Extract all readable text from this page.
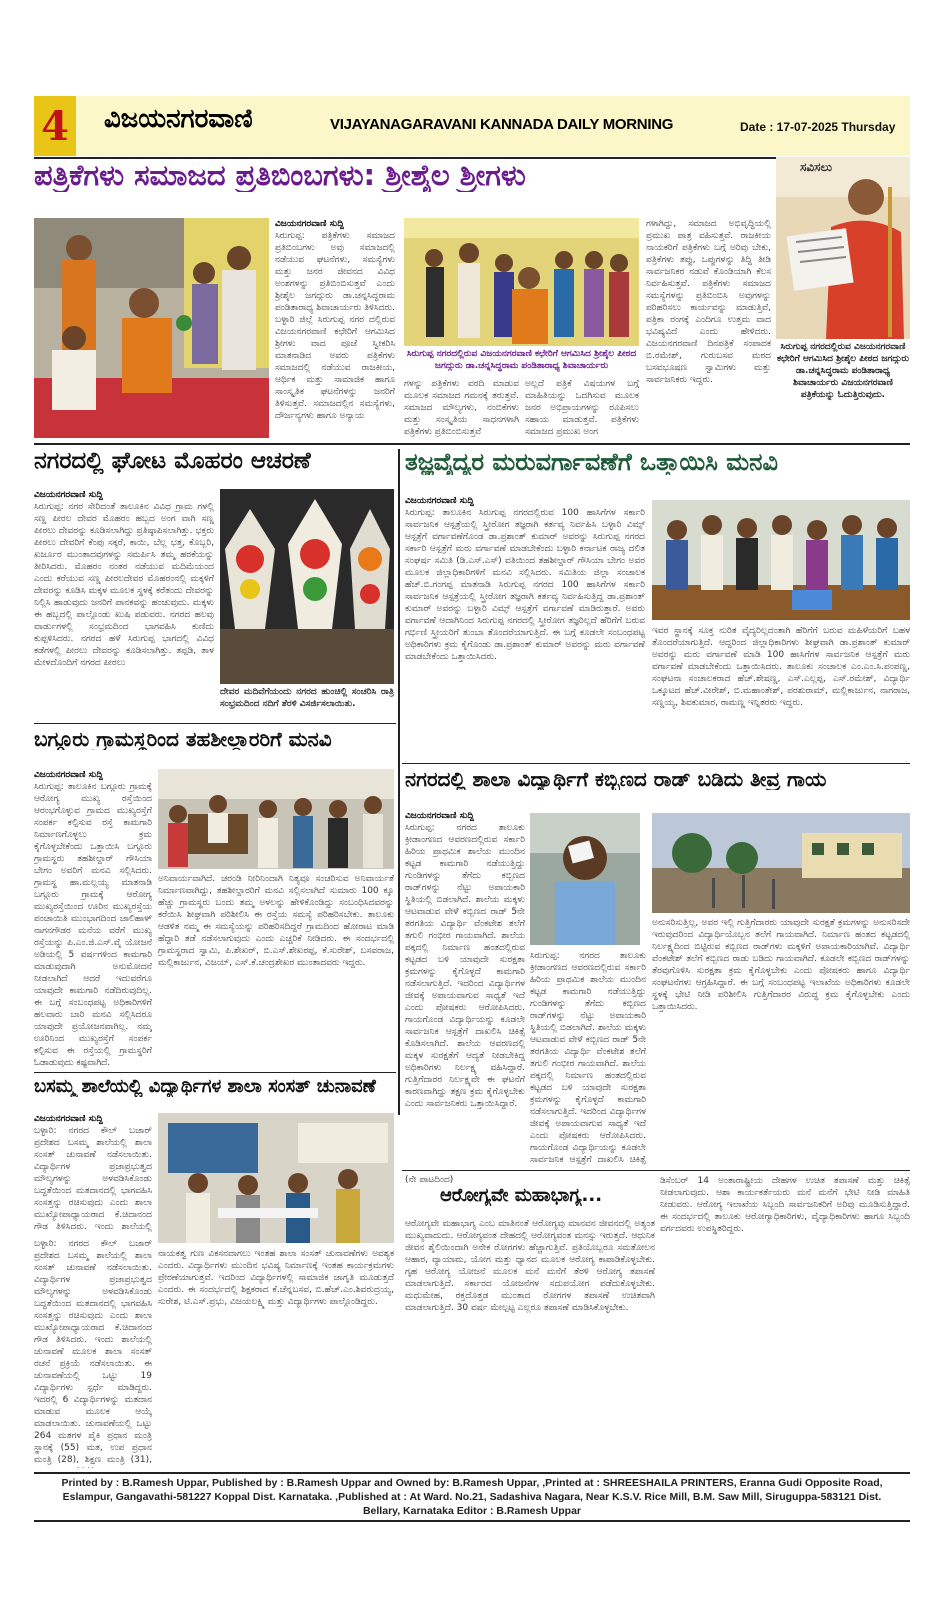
4 ವಿಜಯನಗರವಾಣಿ	VIJAYANAGARAVANI KANNADA DAILY MORNING	Date : 17-07-2025 Thursday
ಪತ್ರಿಕೆಗಳು ಸಮಾಜದ ಪ್ರತಿಬಿಂಬಗಳು: ಶ್ರೀಶೈಲ ಶ್ರೀಗಳು
ವಿಜಯನಗರವಾಣಿ ಸುದ್ದಿ
ಸಿರುಗುಪ್ಪ: ಪತ್ರಿಕೆಗಳು ಸಮಾಜದ ಪ್ರತಿಬಿಂಬಗಳು ಅವು ಸಮಾಜದಲ್ಲಿ ನಡೆಯುವ ಘಟನೆಗಳು, ಸಮಸ್ಯೆಗಳು ಮತ್ತು ಜನರ ಜೀವನದ ವಿವಿಧ ಅಂಶಗಳನ್ನು ಪ್ರತಿಬಿಂಬಿಸುತ್ತವೆ ಎಂದು ಶ್ರೀಶೈಲ ಜಗದ್ಗುರು ಡಾ.ಚನ್ನಸಿದ್ಧರಾಮ ಪಂಡಿತಾರಾಧ್ಯ ಶಿವಾಚಾರ್ಯರು ತಿಳಿಸಿದರು. ಬಳ್ಳಾರಿ ಜಿಲ್ಲೆ ಸಿರುಗುಪ್ಪ ನಗರ ದಲ್ಲಿರುವ ವಿಜಯನಗರವಾಣಿ ಕಛೇರಿಗೆ ಆಗಮಿಸಿದ ಶ್ರೀಗಳು ವಾದ ಪೂಜೆ ಸ್ವೀಕರಿಸಿ ಮಾತನಾಡಿದ ಅವರು ಪತ್ರಿಕೆಗಳು ಸಮಾಜದಲ್ಲಿ ನಡೆಯುವ ರಾಜಕೀಯ, ಆರ್ಥಿಕ ಮತ್ತು ಸಾಮಾಜಿಕ ಹಾಗೂ ಸಾಂಸ್ಕೃತಿಕ ಘಟನೆಗಳನ್ನು ಜನರಿಗೆ ತಿಳಿಸುತ್ತವೆ. ಸಮಾಜದಲ್ಲಿನ ಸಮಸ್ಯೆಗಳು, ದೌರ್ಜನ್ಯಗಳು ಹಾಗೂ ಅನ್ಯಾಯ
ಸಿರುಗುಪ್ಪ ನಗರದಲ್ಲಿರುವ ವಿಜಯನಗರವಾಣಿ ಕಛೇರಿಗೆ ಆಗಮಿಸಿದ ಶ್ರೀಶೈಲ ಪೀಠದ ಜಗದ್ಗುರು ಡಾ.ಚನ್ನಸಿದ್ಧರಾಮ ಪಂಡಿತಾರಾಧ್ಯ ಶಿವಾಚಾರ್ಯರು
ಗಳನ್ನು ಪತ್ರಿಕೆಗಳು ವರದಿ ಮಾಡುವ ಮೂಲಕ ಸಮಾಜದ ಗಮನಕ್ಕೆ ತರುತ್ತವೆ. ಸಮಾಜದ ಮೌಲ್ಯಗಳು, ನಂಬಿಕೆಗಳು ಮತ್ತು ಸಂಸ್ಕೃತಿಯ ಸಾಧನಗಳಾಗಿ ಪತ್ರಿಕೆಗಳು ಪ್ರತಿಬಿಂಬಿಸುತ್ತವೆ
ಅಲ್ಲದೆ ಪತ್ರಿಕೆ ವಿಷಯಗಳ ಬಗ್ಗೆ ಮಾಹಿತಿಯನ್ನು ಒದಗಿಸುವ ಮೂಲಕ ಜನರ ಅಭಿಪ್ರಾಯಗಳನ್ನು ರೂಪಿಸಲು ಸಹಾಯ ಮಾಡುತ್ತವೆ. ಪತ್ರಿಕೆಗಳು ಸಮಾಜದ ಪ್ರಮುಖ ಅಂಗ
ಗಳಾಗಿದ್ದು, ಸಮಾಜದ ಅಭಿವೃದ್ಧಿಯಲ್ಲಿ ಪ್ರಮುಖ ಪಾತ್ರ ವಹಿಸುತ್ತವೆ. ರಾಜಕೀಯ ನಾಯಕರಿಗೆ ಪತ್ರಿಕೆಗಳು ಬಗ್ಗೆ ಅರಿವು ಬೇಕು, ಪತ್ರಿಕೆಗಳು ತಪ್ಪು, ಒಪ್ಪುಗಳನ್ನು ತಿದ್ದಿ ತೀಡಿ ಸಾರ್ವಜನಿಕರ ನಡುವೆ ಕೊಂಡಿಯಾಗಿ ಕೆಲಸ ನಿರ್ವಹಿಸುತ್ತವೆ. ಪತ್ರಿಕೆಗಳು ಸಮಾಜದ ಸಮಸ್ಯೆಗಳನ್ನು ಪ್ರತಿಬಿಂಬಿಸಿ ಅವುಗಳನ್ನು ಪರಿಹರಿಸಲು ಕಾರ್ಯವನ್ನು ಮಾಡುತ್ತಿವೆ, ಪತ್ರಿಕಾ ರಂಗಕ್ಕೆ ಎಂದಿಗೂ ಉತ್ತಮ ವಾದ ಭವಿಷ್ಯವಿದೆ ಎಂದು ಹೇಳಿದರು. ವಿಜಯನಗರವಾಣಿ ದಿನಪತ್ರಿಕೆ ಸಂಪಾದಕ ಬಿ.ರಮೇಶ್, ಗುರುಬಸವ ಮಠದ ಬಸವಭೂಷಣ ಸ್ವಾಮಿಗಳು ಮತ್ತು ಸಾರ್ವಜನಿಕರು ಇದ್ದರು.
ಸವಿಸಲು
ಸಿರುಗುಪ್ಪ ನಗರದಲ್ಲಿರುವ ವಿಜಯನಗರವಾಣಿ ಕಛೇರಿಗೆ ಆಗಮಿಸಿದ ಶ್ರೀಶೈಲ ಪೀಠದ ಜಗದ್ಗುರು ಡಾ.ಚನ್ನಸಿದ್ಧರಾಮ ಪಂಡಿತಾರಾಧ್ಯ ಶಿವಾಚಾರ್ಯರು ವಿಜಯನಗರವಾಣಿ ಪತ್ರಿಕೆಯನ್ನು ಓದುತ್ತಿರುವುದು.
ನಗರದಲ್ಲಿ ಘೋಟ ಮೊಹರಂ ಆಚರಣೆ
ವಿಜಯನಗರವಾಣಿ ಸುದ್ದಿ
ಸಿರುಗುಪ್ಪ: ನಗರ ಸೇರಿದಂತೆ ತಾಲೂಕಿನ ವಿವಿಧ ಗ್ರಾಮ ಗಳಲ್ಲಿ ಸಣ್ಣ ಪೀರಲ ದೇವರ ಮೊಹರಂ ಹಬ್ಬದ ಅಂಗ ವಾಗಿ ಸಣ್ಣ ಪೀರಲು ದೇವರನ್ನು ಕೂಡಿಸಲಾಗಿದ್ದು ಪ್ರತಿಷ್ಠಾಪಿಸಲಾಗಿತ್ತು. ಭಕ್ತರು ಪೀರಲು ದೇವರಿಗೆ ಕೆಂಪು ಸಕ್ಕರೆ, ಕಾಯಿ, ಬೆಲ್ಲ ಭತ್ತ, ಕೊಬ್ಬರಿ, ಖರ್ಜೂರ ಮುಂತಾದವುಗಳನ್ನು ಸಮರ್ಪಿಸಿ ತಮ್ಮ ಹರಕೆಯನ್ನು ತೀರಿಸಿದರು. ಮೊಹರಂ ನಂತರ ನಡೆಯುವ ಮದಿಮೆಯಂದ ಎಂದು ಕರೆಯುವ ಸಣ್ಣ ಪೀರಲದೇವರ ಮೊಹರಂನಲ್ಲಿ ಮಕ್ಕಳಿಗೆ ದೇವರನ್ನು ಕೂಡಿಸಿ ಮಕ್ಕಳ ಮೂಲಕ ಸ್ಥಳಕ್ಕೆ ಕರೆತಂದು ದೇವರನ್ನು ನಿಲ್ಲಿಸಿ ಹಾಡುವುದು ಜನರಿಗೆ ಪಾನಕವನ್ನು ಹಂಚುವುದು. ಮಕ್ಕಳು ಈ ಹಬ್ಬದಲ್ಲಿ ಪಾಲ್ಗೊಂಡು ಖುಷಿ ಪಡುವರು. ನಗರದ ಹಲವು ವಾರ್ಡುಗಳಲ್ಲಿ ಸಂಭ್ರಮದಿಂದ ಭಾಗವಹಿಸಿ ಕುಣಿದು ಕುಪ್ಪಳಿಸಿದರು. ನಗರದ ಹಳೆ ಸಿರುಗುಪ್ಪ ಭಾಗದಲ್ಲಿ ವಿವಿಧ ಕಡೆಗಳಲ್ಲಿ ಪೀರಲು ದೇವರನ್ನು ಕೂಡಿಸಲಾಗಿತ್ತು. ತಪ್ಪಡಿ, ತಾಳ ಮೇಳದೊಂದಿಗೆ ನಗರದ ಪೀರಲು
ದೇವರ ಮದಿವೆಗೆಯಂದು ನಗರದ ಹುಂಚಿಲ್ಲಿ ಸಂಚರಿಸಿ ರಾತ್ರಿ ಸಂಭ್ರಮದಿಂದ ನದಿಗೆ ತೆರಳಿ ವಿಸರ್ಜಿಸಲಾಯಿತು.
ತಜ್ಞವೈದ್ಯರ ಮರುವರ್ಗಾವಣೆಗೆ ಒತ್ತಾಯಿಸಿ ಮನವಿ
ವಿಜಯನಗರವಾಣಿ ಸುದ್ದಿ
ಸಿರುಗುಪ್ಪ: ತಾಲೂಕಿನ ಸಿರುಗುಪ್ಪ ನಗರದಲ್ಲಿರುವ 100 ಹಾಸಿಗೆಗಳ ಸರ್ಕಾರಿ ಸಾರ್ವಜನಿಕ ಆಸ್ಪತ್ರೆಯಲ್ಲಿ ಸ್ತ್ರೀರೋಗ ತಜ್ಞರಾಗಿ ಕರ್ತವ್ಯ ನಿರ್ವಹಿಸಿ ಬಳ್ಳಾರಿ ವಿಮ್ಸ್ ಆಸ್ಪತ್ರೆಗೆ ವರ್ಗಾವಣೆಗೊಂಡ ಡಾ.ಪ್ರಶಾಂತ್ ಕುಮಾರ್ ಅವರನ್ನು ಸಿರುಗುಪ್ಪ ನಗರದ ಸರ್ಕಾರಿ ಆಸ್ಪತ್ರೆಗೆ ಮರು ವರ್ಗಾವಣೆ ಮಾಡಬೇಕೆಂದು ಬಳ್ಳಾರಿ ಕರ್ನಾಟಕ ರಾಜ್ಯ ದಲಿತ ಸಂಘರ್ಷ ಸಮಿತಿ (ಡಿ.ಎಸ್.ಎಸ್) ವತಿಯಿಂದ ತಹಶೀಲ್ದಾರ್ ಗೌಸಿಯಾ ಬೇಗಂ ಅವರ ಮೂಲಕ ಜಿಲ್ಲಾಧಿಕಾರಿಗಳಿಗೆ ಮನವಿ ಸಲ್ಲಿಸಿದರು. ಸಮಿತಿಯ ಜಿಲ್ಲಾ ಸಂಚಾಲಕ ಹೆಚ್.ಬಿ.ಗಂಗಪ್ಪ ಮಾತನಾಡಿ ಸಿರುಗುಪ್ಪ ನಗರದ 100 ಹಾಸಿಗೆಗಳ ಸರ್ಕಾರಿ ಸಾರ್ವಜನಿಕ ಆಸ್ಪತ್ರೆಯಲ್ಲಿ ಸ್ತ್ರೀರೋಗ ತಜ್ಞರಾಗಿ ಕರ್ತವ್ಯ ನಿರ್ವಹಿಸುತ್ತಿದ್ದ ಡಾ.ಪ್ರಶಾಂತ್ ಕುಮಾರ್ ಅವರನ್ನು ಬಳ್ಳಾರಿ ವಿಮ್ಸ್ ಆಸ್ಪತ್ರೆಗೆ ವರ್ಗಾವಣೆ ಮಾಡಿರುತ್ತಾರೆ. ಅವರು ವರ್ಗಾವಣೆ ಆದಾಗಿನಿಂದ ಸಿರುಗುಪ್ಪ ನಗರದಲ್ಲಿ ಸ್ತ್ರೀರೋಗ ತಜ್ಞರಿಲ್ಲದೆ ಹೆರಿಗೆಗೆ ಬರುವ ಗರ್ಭಿಣಿ ಸ್ತ್ರೀಯರಿಗೆ ತುಂಬಾ ತೊಂದರೆಯಾಗುತ್ತಿದೆ. ಈ ಬಗ್ಗೆ ಕೂಡಲೇ ಸಂಬಂಧಪಟ್ಟ ಅಧಿಕಾರಿಗಳು ಕ್ರಮ ಕೈಗೊಂಡು ಡಾ.ಪ್ರಶಾಂತ್ ಕುಮಾರ್ ಅವರನ್ನು ಮರು ವರ್ಗಾವಣೆ ಮಾಡಬೇಕೆಂದು ಒತ್ತಾಯಿಸಿದರು.
ಇವರ ಸ್ಥಾನಕ್ಕೆ ಸೂಕ್ತ ನುರಿತ ವೈದ್ಯರಿಲ್ಲದಂತಾಗಿ ಹೆರಿಗೆಗೆ ಬರುವ ಮಹಿಳೆಯರಿಗೆ ಬಹಳ ತೊಂದರೆಯಾಗುತ್ತಿದೆ. ಆದ್ದರಿಂದ ಜಿಲ್ಲಾಧಿಕಾರಿಗಳು ಶೀಘ್ರವಾಗಿ ಡಾ.ಪ್ರಶಾಂತ್ ಕುಮಾರ್ ಅವರನ್ನು ಮರು ವರ್ಗಾವಣೆ ಮಾಡಿ 100 ಹಾಸಿಗೆಗಳ ಸಾರ್ವಜನಿಕ ಆಸ್ಪತ್ರೆಗೆ ಮರು ವರ್ಗಾವಣೆ ಮಾಡಬೇಕೆಂದು ಒತ್ತಾಯಿಸಿದರು. ತಾಲೂಕು ಸಂಚಾಲಕ ಎಂ.ಎಂ.ಸಿ.ಪಂಪಣ್ಣ, ಸಂಘಟನಾ ಸಂಚಾಲಕರಾದ ಹೆಚ್.ಶೇಷಣ್ಣ, ಎಸ್.ಎಲ್ಲಪ್ಪ, ಎಸ್.ರಮೇಶ್, ವಿದ್ಯಾರ್ಥಿ ಒಕ್ಕೂಟದ ಹೆಚ್.ವೀರೇಶ್, ಬಿ.ಮಹಾಂತೇಶ್, ಪರಶುರಾಮ್, ಮಲ್ಲಿಕಾರ್ಜುನ, ನಾಗರಾಜ, ಸಣ್ಣಯ್ಯ, ಶಿವಕುಮಾರ, ರಾಮಣ್ಣ ಇನ್ನಿತರರು ಇದ್ದರು.
ಬಗ್ಗೂರು ಗ್ರಾಮಸ್ಥರಿಂದ ತಹಶೀಲ್ದಾರರಿಗೆ ಮನವಿ
ವಿಜಯನಗರವಾಣಿ ಸುದ್ದಿ
ಸಿರುಗುಪ್ಪ: ತಾಲೂಕಿನ ಬಗ್ಗೂರು ಗ್ರಾಮಕ್ಕೆ ಆರೋಗ್ಯ ಮುಖ್ಯ ರಸ್ತೆಯಿಂದ ಆರಂಭಗೊಳ್ಳುವ ಗ್ರಾಮದ ಮುಖ್ಯರಸ್ತೆಗೆ ಸಂಪರ್ಕ ಕಲ್ಪಿಸುವ ರಸ್ತೆ ಕಾಮಗಾರಿ ನಿರ್ಮಾಣಗೊಳ್ಳಲು ಕ್ರಮ ಕೈಗೊಳ್ಳಬೇಕೆಂದು ಒತ್ತಾಯಿಸಿ ಬಗ್ಗೂರು ಗ್ರಾಮಸ್ಥರು ತಹಶೀಲ್ದಾರ್ ಗೌಸಿಯಾ ಬೇಗಂ ಅವರಿಗೆ ಮನವಿ ಸಲ್ಲಿಸಿದರು. ಗ್ರಾಮಸ್ಥ ಹಾ.ಮಲ್ಲಯ್ಯ ಮಾತನಾಡಿ ಬಗ್ಗೂರು ಗ್ರಾಮಕ್ಕೆ ಆರೋಗ್ಯ ಮುಖ್ಯರಸ್ತೆಯಿಂದ ಊರಿನ ಮುಖ್ಯರಸ್ತೆಯ ಪಂಚಾಯಿತಿ ಮುಂಭಾಗದಿಂದ ಜಾಲಿಹಾಳ್ ನಾಗನಗೌಡರ ಮನೆಯ ವರೆಗೆ ಮುಖ್ಯ ರಸ್ತೆಯನ್ನು ಪಿ.ಎಂ.ಜಿ.ಎಸ್.ವೈ ಯೋಜನೆ ಅಡಿಯಲ್ಲಿ 5 ವರ್ಷಗಳಿಂದ ಕಾಮಗಾರಿ ಮಾಡುವುದಾಗಿ ಅನುಮೋದನೆ ನೀಡಲಾಗಿದೆ ಆದರೆ ಇದುವರೆಗೂ ಯಾವುದೇ ಕಾಮಗಾರಿ ನಡೆದಿರುವುದಿಲ್ಲ. ಈ ಬಗ್ಗೆ ಸಂಬಂಧಪಟ್ಟ ಅಧಿಕಾರಿಗಳಿಗೆ ಹಲವಾರು ಬಾರಿ ಮನವಿ ಸಲ್ಲಿಸಿದರೂ ಯಾವುದೇ ಪ್ರಯೋಜನವಾಗಿಲ್ಲ. ನಮ್ಮ ಊರಿನಿಂದ ಮುಖ್ಯರಸ್ತೆಗೆ ಸಂಪರ್ಕ ಕಲ್ಪಿಸುವ ಈ ರಸ್ತೆಯಲ್ಲಿ ಗ್ರಾಮಸ್ಥರಿಗೆ ಓಡಾಡುವುದು ಕಷ್ಟವಾಗಿದೆ.
ಅನಿವಾರ್ಯವಾಗಿದೆ. ಚರಂಡಿ ನೀರಿನಿಂದಾಗಿ ನಿತ್ಯವೂ ಸಂಚರಿಸುವ ಅನಿವಾರ್ಯತೆ ನಿರ್ಮಾಣವಾಗಿದ್ದು, ತಹಶೀಲ್ದಾರರಿಗೆ ಮನವಿ ಸಲ್ಲಿಸಲಾಗಿದೆ ಸುಮಾರು 100 ಕ್ಕೂ ಹೆಚ್ಚು ಗ್ರಾಮಸ್ಥರು ಬಂದು ತಮ್ಮ ಅಳಲನ್ನು ಹೇಳಿಕೊಂಡಿದ್ದು ಸಂಬಂಧಿಸಿದವರನ್ನು ಕರೆಯಿಸಿ ಶೀಘ್ರವಾಗಿ ಪರಿಶೀಲಿಸಿ ಈ ರಸ್ತೆಯ ಸಮಸ್ಯೆ ಪರಿಹರಿಸಬೇಕು. ತಾಲೂಕು ಆಡಳಿತ ನಮ್ಮ ಈ ಸಮಸ್ಯೆಯನ್ನು ಪರಿಹರಿಸದಿದ್ದರೆ ಗ್ರಾಮದಿಂದ ಹೋರಾಟ ಮಾಡಿ ಹೆದ್ದಾರಿ ತಡೆ ನಡೆಸಲಾಗುವುದು ಎಂದು ಎಚ್ಚರಿಕೆ ನೀಡಿದರು. ಈ ಸಂದರ್ಭದಲ್ಲಿ ಗ್ರಾಮಸ್ಥರಾದ ಸ್ವಾಮಿ, ಪಿ.ಶೇಖರ್, ಬಿ.ಎಸ್.ಶೇಖರಪ್ಪ, ಕೆ.ಸುರೇಶ್, ಬಸವರಾಜ, ಮಲ್ಲಿಕಾರ್ಜುನ, ವಿಜಯ್, ಎಸ್.ಕೆ.ಚಂದ್ರಶೇಖರ ಮುಂತಾದವರು ಇದ್ದರು.
ನಗರದಲ್ಲಿ ಶಾಲಾ ವಿದ್ಯಾರ್ಥಿಗೆ ಕಬ್ಬಿಣದ ರಾಡ್ ಬಡಿದು ತೀವ್ರ ಗಾಯ
ವಿಜಯನಗರವಾಣಿ ಸುದ್ದಿ
ಸಿರುಗುಪ್ಪ: ನಗರದ ತಾಲೂಕು ಕ್ರೀಡಾಂಗಣದ ಆವರಣದಲ್ಲಿರುವ ಸರ್ಕಾರಿ ಹಿರಿಯ ಪ್ರಾಥಮಿಕ ಶಾಲೆಯ ಮುಂದಿನ ಕಟ್ಟಡ ಕಾಮಗಾರಿ ನಡೆಯುತ್ತಿದ್ದು ಗುಂಡಿಗಳನ್ನು ತೆಗೆದು ಕಬ್ಬಿಣದ ರಾಡ್‌ಗಳನ್ನು ನೆಟ್ಟು ಅಪಾಯಕಾರಿ ಸ್ಥಿತಿಯಲ್ಲಿ ಬಿಡಲಾಗಿದೆ. ಶಾಲೆಯ ಮಕ್ಕಳು ಆಟವಾಡುವ ವೇಳೆ ಕಬ್ಬಿಣದ ರಾಡ್ 5ನೇ ತರಗತಿಯ ವಿದ್ಯಾರ್ಥಿ ವೆಂಕಟೇಶ ತಲೆಗೆ ತಗುಲಿ ಗಂಭೀರ ಗಾಯವಾಗಿದೆ. ಶಾಲೆಯ ಪಕ್ಕದಲ್ಲಿ ನಿರ್ಮಾಣ ಹಂತದಲ್ಲಿರುವ ಕಟ್ಟಡದ ಬಳಿ ಯಾವುದೇ ಸುರಕ್ಷತಾ ಕ್ರಮಗಳನ್ನು ಕೈಗೊಳ್ಳದೆ ಕಾಮಗಾರಿ ನಡೆಸಲಾಗುತ್ತಿದೆ. ಇದರಿಂದ ವಿದ್ಯಾರ್ಥಿಗಳ ಜೀವಕ್ಕೆ ಅಪಾಯವಾಗುವ ಸಾಧ್ಯತೆ ಇದೆ ಎಂದು ಪೋಷಕರು ಆರೋಪಿಸಿದರು. ಗಾಯಗೊಂಡ ವಿದ್ಯಾರ್ಥಿಯನ್ನು ಕೂಡಲೇ ಸಾರ್ವಜನಿಕ ಆಸ್ಪತ್ರೆಗೆ ದಾಖಲಿಸಿ ಚಿಕಿತ್ಸೆ ಕೊಡಿಸಲಾಗಿದೆ. ಶಾಲೆಯ ಆವರಣದಲ್ಲಿ ಮಕ್ಕಳ ಸುರಕ್ಷತೆಗೆ ಆದ್ಯತೆ ನೀಡಬೇಕಿದ್ದ ಅಧಿಕಾರಿಗಳು ನಿರ್ಲಕ್ಷ್ಯ ವಹಿಸಿದ್ದಾರೆ. ಗುತ್ತಿಗೆದಾರರ ನಿರ್ಲಕ್ಷ್ಯವೇ ಈ ಘಟನೆಗೆ ಕಾರಣವಾಗಿದ್ದು ತಕ್ಷಣ ಕ್ರಮ ಕೈಗೊಳ್ಳಬೇಕು ಎಂದು ಸಾರ್ವಜನಿಕರು ಒತ್ತಾಯಿಸಿದ್ದಾರೆ.
ಅನುಸರಿಸುತ್ತಿಲ್ಲ, ಅವರ ಇಲ್ಲಿ ಗುತ್ತಿಗೆದಾರರು ಯಾವುದೇ ಸುರಕ್ಷತೆ ಕ್ರಮಗಳನ್ನು ಅನುಸರಿಸದೇ ಇರುವುದರಿಂದ ವಿದ್ಯಾರ್ಥಿಯೊಬ್ಬನ ತಲೆಗೆ ಗಾಯವಾಗಿದೆ. ನಿರ್ಮಾಣ ಹಂತದ ಕಟ್ಟಡದಲ್ಲಿ ನಿರ್ಲಕ್ಷ್ಯದಿಂದ ಬಿಟ್ಟಿರುವ ಕಬ್ಬಿಣದ ರಾಡ್‌ಗಳು ಮಕ್ಕಳಿಗೆ ಅಪಾಯಕಾರಿಯಾಗಿವೆ. ವಿದ್ಯಾರ್ಥಿ ವೆಂಕಟೇಶ್ ತಲೆಗೆ ಕಬ್ಬಿಣದ ರಾಡು ಬಡಿದು ಗಾಯವಾಗಿದೆ. ಕೂಡಲೇ ಕಬ್ಬಿಣದ ರಾಡ್‌ಗಳನ್ನು ತೆರವುಗೊಳಿಸಿ ಸುರಕ್ಷತಾ ಕ್ರಮ ಕೈಗೊಳ್ಳಬೇಕು ಎಂದು ಪೋಷಕರು ಹಾಗೂ ವಿದ್ಯಾರ್ಥಿ ಸಂಘಟನೆಗಳು ಆಗ್ರಹಿಸಿದ್ದಾರೆ. ಈ ಬಗ್ಗೆ ಸಂಬಂಧಪಟ್ಟ ಇಲಾಖೆಯ ಅಧಿಕಾರಿಗಳು ಕೂಡಲೇ ಸ್ಥಳಕ್ಕೆ ಭೇಟಿ ನೀಡಿ ಪರಿಶೀಲಿಸಿ ಗುತ್ತಿಗೆದಾರರ ವಿರುದ್ಧ ಕ್ರಮ ಕೈಗೊಳ್ಳಬೇಕು ಎಂದು ಒತ್ತಾಯಿಸಿದರು.
ಸಿರುಗುಪ್ಪ: ನಗರದ ತಾಲೂಕು ಕ್ರೀಡಾಂಗಣದ ಆವರಣದಲ್ಲಿರುವ ಸರ್ಕಾರಿ ಹಿರಿಯ ಪ್ರಾಥಮಿಕ ಶಾಲೆಯ ಮುಂದಿನ ಕಟ್ಟಡ ಕಾಮಗಾರಿ ನಡೆಯುತ್ತಿದ್ದು ಗುಂಡಿಗಳನ್ನು ತೆಗೆದು ಕಬ್ಬಿಣದ ರಾಡ್‌ಗಳನ್ನು ನೆಟ್ಟು ಅಪಾಯಕಾರಿ ಸ್ಥಿತಿಯಲ್ಲಿ ಬಿಡಲಾಗಿದೆ. ಶಾಲೆಯ ಮಕ್ಕಳು ಆಟವಾಡುವ ವೇಳೆ ಕಬ್ಬಿಣದ ರಾಡ್ 5ನೇ ತರಗತಿಯ ವಿದ್ಯಾರ್ಥಿ ವೆಂಕಟೇಶ ತಲೆಗೆ ತಗುಲಿ ಗಂಭೀರ ಗಾಯವಾಗಿದೆ. ಶಾಲೆಯ ಪಕ್ಕದಲ್ಲಿ ನಿರ್ಮಾಣ ಹಂತದಲ್ಲಿರುವ ಕಟ್ಟಡದ ಬಳಿ ಯಾವುದೇ ಸುರಕ್ಷತಾ ಕ್ರಮಗಳನ್ನು ಕೈಗೊಳ್ಳದೆ ಕಾಮಗಾರಿ ನಡೆಸಲಾಗುತ್ತಿದೆ. ಇದರಿಂದ ವಿದ್ಯಾರ್ಥಿಗಳ ಜೀವಕ್ಕೆ ಅಪಾಯವಾಗುವ ಸಾಧ್ಯತೆ ಇದೆ ಎಂದು ಪೋಷಕರು ಆರೋಪಿಸಿದರು. ಗಾಯಗೊಂಡ ವಿದ್ಯಾರ್ಥಿಯನ್ನು ಕೂಡಲೇ ಸಾರ್ವಜನಿಕ ಆಸ್ಪತ್ರೆಗೆ ದಾಖಲಿಸಿ ಚಿಕಿತ್ಸೆ
ಬಸಮ್ಮ ಶಾಲೆಯಲ್ಲಿ ವಿದ್ಯಾರ್ಥಿಗಳ ಶಾಲಾ ಸಂಸತ್ ಚುನಾವಣೆ
ವಿಜಯನಗರವಾಣಿ ಸುದ್ದಿ
ಬಳ್ಳಾರಿ: ನಗರದ ಕೌಲ್ ಬಜಾರ್ ಪ್ರದೇಶದ ಬಸಮ್ಮ ಶಾಲೆಯಲ್ಲಿ ಶಾಲಾ ಸಂಸತ್ ಚುನಾವಣೆ ನಡೆಸಲಾಯಿತು. ವಿದ್ಯಾರ್ಥಿಗಳ ಪ್ರಜಾಪ್ರಭುತ್ವದ ಮೌಲ್ಯಗಳನ್ನು ಅಳವಡಿಸಿಕೊಂಡು ಬದ್ಧತೆಯಿಂದ ಮತದಾನದಲ್ಲಿ ಭಾಗವಹಿಸಿ ಸಂಸತ್ತನ್ನು ರಚಿಸುವುದು ಎಂದು ಶಾಲಾ ಮುಖ್ಯೋಪಾಧ್ಯಾಯರಾದ ಕೆ.ಚಿದಾನಂದ ಗೌಡ ತಿಳಿಸಿದರು. ಇಂದು ಶಾಲೆಯಲ್ಲಿ
ಬಳ್ಳಾರಿ: ನಗರದ ಕೌಲ್ ಬಜಾರ್ ಪ್ರದೇಶದ ಬಸಮ್ಮ ಶಾಲೆಯಲ್ಲಿ ಶಾಲಾ ಸಂಸತ್ ಚುನಾವಣೆ ನಡೆಸಲಾಯಿತು. ವಿದ್ಯಾರ್ಥಿಗಳ ಪ್ರಜಾಪ್ರಭುತ್ವದ ಮೌಲ್ಯಗಳನ್ನು ಅಳವಡಿಸಿಕೊಂಡು ಬದ್ಧತೆಯಿಂದ ಮತದಾನದಲ್ಲಿ ಭಾಗವಹಿಸಿ ಸಂಸತ್ತನ್ನು ರಚಿಸುವುದು ಎಂದು ಶಾಲಾ ಮುಖ್ಯೋಪಾಧ್ಯಾಯರಾದ ಕೆ.ಚಿದಾನಂದ ಗೌಡ ತಿಳಿಸಿದರು. ಇಂದು ಶಾಲೆಯಲ್ಲಿ ಚುನಾವಣೆ ಮೂಲಕ ಶಾಲಾ ಸಂಸತ್ ರಚನೆ ಪ್ರಕ್ರಿಯೆ ನಡೆಸಲಾಯಿತು. ಈ ಚುನಾವಣೆಯಲ್ಲಿ ಒಟ್ಟು 19 ವಿದ್ಯಾರ್ಥಿಗಳು ಸ್ಪರ್ಧೆ ಮಾಡಿದ್ದರು. ಇದರಲ್ಲಿ 6 ವಿದ್ಯಾರ್ಥಿಗಳನ್ನು ಮತದಾನ ಮಾಡುವ ಮೂಲಕ ಆಯ್ಕೆ ಮಾಡಲಾಯಿತು. ಚುನಾವಣೆಯಲ್ಲಿ ಒಟ್ಟು 264 ಮತಗಳ ಪೈಕಿ ಪ್ರಧಾನ ಮಂತ್ರಿ ಸ್ಥಾನಕ್ಕೆ (55) ಮತ, ಉಪ ಪ್ರಧಾನ ಮಂತ್ರಿ (28), ಶಿಕ್ಷಣ ಮಂತ್ರಿ (31),
ನಾಯಕತ್ವ ಗುಣ ವಿಕಸನವಾಗಲು ಇಂತಹ ಶಾಲಾ ಸಂಸತ್ ಚುನಾವಣೆಗಳು ಅವಶ್ಯಕ ಎಂದರು. ವಿದ್ಯಾರ್ಥಿಗಳು ಮುಂದಿನ ಭವಿಷ್ಯ ನಿರ್ಮಾಣಕ್ಕೆ ಇಂತಹ ಕಾರ್ಯಕ್ರಮಗಳು ಪ್ರೇರಣೆಯಾಗುತ್ತವೆ. ಇದರಿಂದ ವಿದ್ಯಾರ್ಥಿಗಳಲ್ಲಿ ಸಾಮಾಜಿಕ ಜಾಗೃತಿ ಮೂಡುತ್ತದೆ ಎಂದರು. ಈ ಸಂದರ್ಭದಲ್ಲಿ ಶಿಕ್ಷಕರಾದ ಕೆ.ಚೆನ್ನಬಸವ, ಬಿ.ಹೆಚ್.ಎಂ.ಶಿವರುದ್ರಯ್ಯ, ಸುರೇಶ, ಟಿ.ಎಸ್.ಪ್ರಭು, ವಿಜಯಲಕ್ಷ್ಮಿ ಮತ್ತು ವಿದ್ಯಾರ್ಥಿಗಳು ಪಾಲ್ಗೊಂಡಿದ್ದರು.
(ನೇ ಪಾಟದಿಂದ)
ಆರೋಗ್ಯವೇ ಮಹಾಭಾಗ್ಯ...
ಆರೋಗ್ಯವೇ ಮಹಾಭಾಗ್ಯ ಎಂಬ ಮಾತಿನಂತೆ ಆರೋಗ್ಯವು ಮಾನವನ ಜೀವನದಲ್ಲಿ ಅತ್ಯಂತ ಮುಖ್ಯವಾದುದು. ಆರೋಗ್ಯವಂತ ದೇಹದಲ್ಲಿ ಆರೋಗ್ಯವಂತ ಮನಸ್ಸು ಇರುತ್ತದೆ. ಆಧುನಿಕ ಜೀವನ ಶೈಲಿಯಿಂದಾಗಿ ಅನೇಕ ರೋಗಗಳು ಹೆಚ್ಚಾಗುತ್ತಿವೆ. ಪ್ರತಿಯೊಬ್ಬರೂ ಸಮತೋಲನ ಆಹಾರ, ವ್ಯಾಯಾಮ, ಯೋಗ ಮತ್ತು ಧ್ಯಾನದ ಮೂಲಕ ಆರೋಗ್ಯ ಕಾಪಾಡಿಕೊಳ್ಳಬೇಕು. ಗೃಹ ಆರೋಗ್ಯ ಯೋಜನೆ ಮೂಲಕ ಮನೆ ಮನೆಗೆ ತೆರಳಿ ಆರೋಗ್ಯ ತಪಾಸಣೆ ಮಾಡಲಾಗುತ್ತಿದೆ. ಸರ್ಕಾರದ ಯೋಜನೆಗಳ ಸದುಪಯೋಗ ಪಡೆದುಕೊಳ್ಳಬೇಕು. ಮಧುಮೇಹ, ರಕ್ತದೊತ್ತಡ ಮುಂತಾದ ರೋಗಗಳ ತಪಾಸಣೆ ಉಚಿತವಾಗಿ ಮಾಡಲಾಗುತ್ತಿದೆ. 30 ವರ್ಷ ಮೇಲ್ಪಟ್ಟ ಎಲ್ಲರೂ ತಪಾಸಣೆ ಮಾಡಿಸಿಕೊಳ್ಳಬೇಕು.
ಡಿಸೆಂಬರ್ 14 ಅಂತಾರಾಷ್ಟ್ರೀಯ ದೇಹಗಳ ಉಚಿತ ತಪಾಸಣೆ ಮತ್ತು ಚಿಕಿತ್ಸೆ ನೀಡಲಾಗುವುದು. ಆಶಾ ಕಾರ್ಯಕರ್ತೆಯರು ಮನೆ ಮನೆಗೆ ಭೇಟಿ ನೀಡಿ ಮಾಹಿತಿ ನೀಡುವರು. ಆರೋಗ್ಯ ಇಲಾಖೆಯ ಸಿಬ್ಬಂದಿ ಸಾರ್ವಜನಿಕರಿಗೆ ಅರಿವು ಮೂಡಿಸುತ್ತಿದ್ದಾರೆ. ಈ ಸಂದರ್ಭದಲ್ಲಿ ತಾಲೂಕು ಆರೋಗ್ಯಾಧಿಕಾರಿಗಳು, ವೈದ್ಯಾಧಿಕಾರಿಗಳು ಹಾಗೂ ಸಿಬ್ಬಂದಿ ವರ್ಗದವರು ಉಪಸ್ಥಿತರಿದ್ದರು.
Printed by : B.Ramesh Uppar, Published by : B.Ramesh Uppar and Owned by: B.Ramesh Uppar, ,Printed at : SHREESHAILA PRINTERS, Eranna Gudi Opposite Road,
Eslampur, Gangavathi-581227 Koppal Dist. Karnataka. ,Published at : At Ward. No.21, Sadashiva Nagara, Near K.S.V. Rice Mill, B.M. Saw Mill, Siruguppa-583121 Dist.
Bellary, Karnataka Editor : B.Ramesh Uppar
